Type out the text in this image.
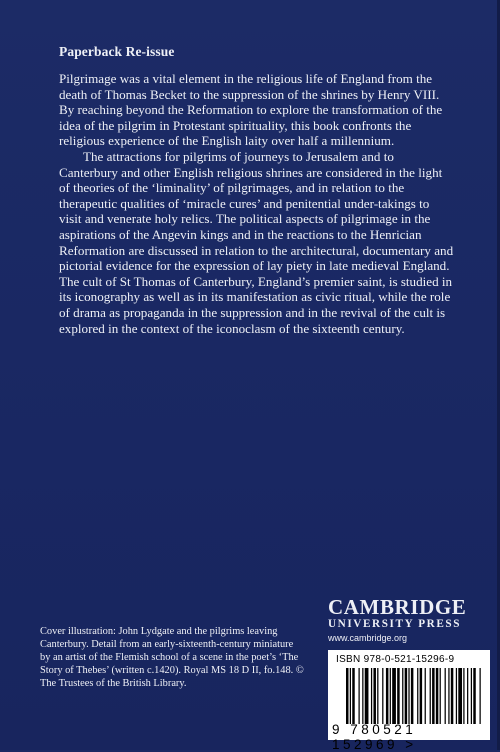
Paperback Re-issue

Pilgrimage was a vital element in the religious life of England from the death of Thomas Becket to the suppression of the shrines by Henry VIII. By reaching beyond the Reformation to explore the transformation of the idea of the pilgrim in Protestant spirituality, this book confronts the religious experience of the English laity over half a millennium.

The attractions for pilgrims of journeys to Jerusalem and to Canterbury and other English religious shrines are considered in the light of theories of the ‘liminality’ of pilgrimages, and in relation to the therapeutic qualities of ‘miracle cures’ and penitential under-takings to visit and venerate holy relics. The political aspects of pilgrimage in the aspirations of the Angevin kings and in the reactions to the Henrician Reformation are discussed in relation to the architectural, documentary and pictorial evidence for the expression of lay piety in late medieval England. The cult of St Thomas of Canterbury, England’s premier saint, is studied in its iconography as well as in its manifestation as civic ritual, while the role of drama as propaganda in the suppression and in the revival of the cult is explored in the context of the iconoclasm of the sixteenth century.

Cover illustration: John Lydgate and the pilgrims leaving Canterbury. Detail from an early-sixteenth-century miniature by an artist of the Flemish school of a scene in the poet’s ‘The Story of Thebes’ (written c.1420). Royal MS 18 D II, fo.148. © The Trustees of the British Library.
CAMBRIDGE
UNIVERSITY PRESS
www.cambridge.org
ISBN 978-0-521-15296-9
9 780521 152969 >
